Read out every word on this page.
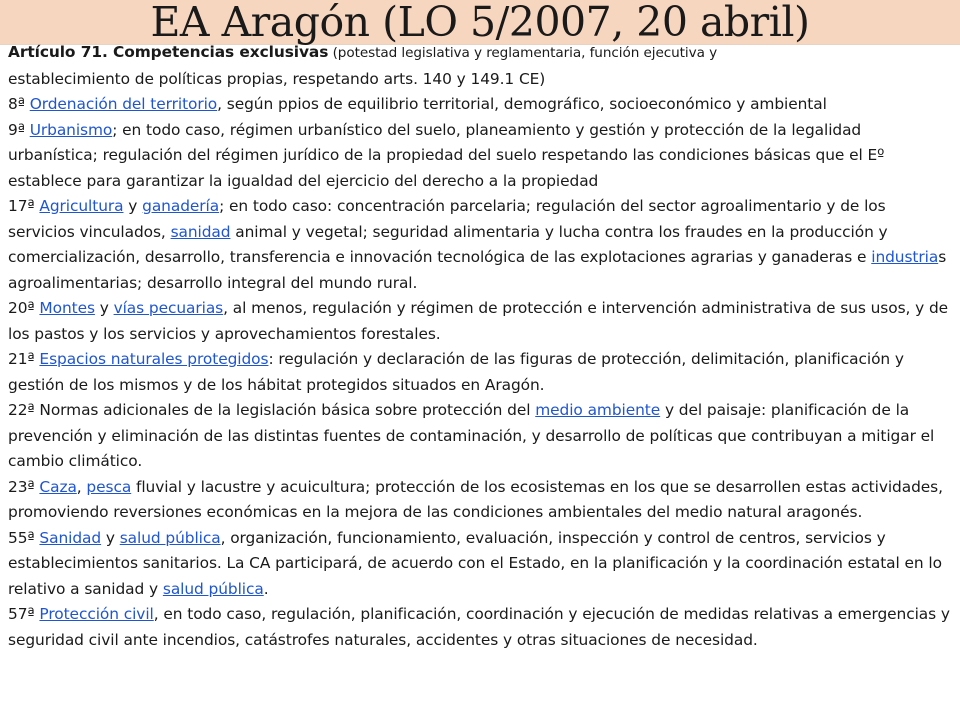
EA Aragón (LO 5/2007, 20 abril)

Artículo 71. Competencias exclusivas (potestad legislativa y reglamentaria, función ejecutiva y
establecimiento de políticas propias, respetando arts. 140 y 149.1 CE)

8ª Ordenación del territorio, según ppios de equilibrio territorial, demográfico, socioeconómico y ambiental

9ª Urbanismo; en todo caso, régimen urbanístico del suelo, planeamiento y gestión y protección de la legalidad urbanística; regulación del régimen jurídico de la propiedad del suelo respetando las condiciones básicas que el Eº establece para garantizar la igualdad del ejercicio del derecho a la propiedad

17ª Agricultura y ganadería; en todo caso: concentración parcelaria; regulación del sector agroalimentario y de los servicios vinculados, sanidad animal y vegetal; seguridad alimentaria y lucha contra los fraudes en la producción y comercialización, desarrollo, transferencia e innovación tecnológica de las explotaciones agrarias y ganaderas e industrias agroalimentarias; desarrollo integral del mundo rural.

20ª Montes y vías pecuarias, al menos, regulación y régimen de protección e intervención administrativa de sus usos, y de los pastos y los servicios y aprovechamientos forestales.

21ª Espacios naturales protegidos: regulación y declaración de las figuras de protección, delimitación, planificación y gestión de los mismos y de los hábitat protegidos situados en Aragón.

22ª Normas adicionales de la legislación básica sobre protección del medio ambiente y del paisaje: planificación de la prevención y eliminación de las distintas fuentes de contaminación, y desarrollo de políticas que contribuyan a mitigar el cambio climático.

23ª Caza, pesca fluvial y lacustre y acuicultura; protección de los ecosistemas en los que se desarrollen estas actividades, promoviendo reversiones económicas en la mejora de las condiciones ambientales del medio natural aragonés.

55ª Sanidad y salud pública, organización, funcionamiento, evaluación, inspección y control de centros, servicios y establecimientos sanitarios. La CA participará, de acuerdo con el Estado, en la planificación y la coordinación estatal en lo relativo a sanidad y salud pública.

57ª Protección civil, en todo caso, regulación, planificación, coordinación y ejecución de medidas relativas a emergencias y seguridad civil ante incendios, catástrofes naturales, accidentes y otras situaciones de necesidad.
